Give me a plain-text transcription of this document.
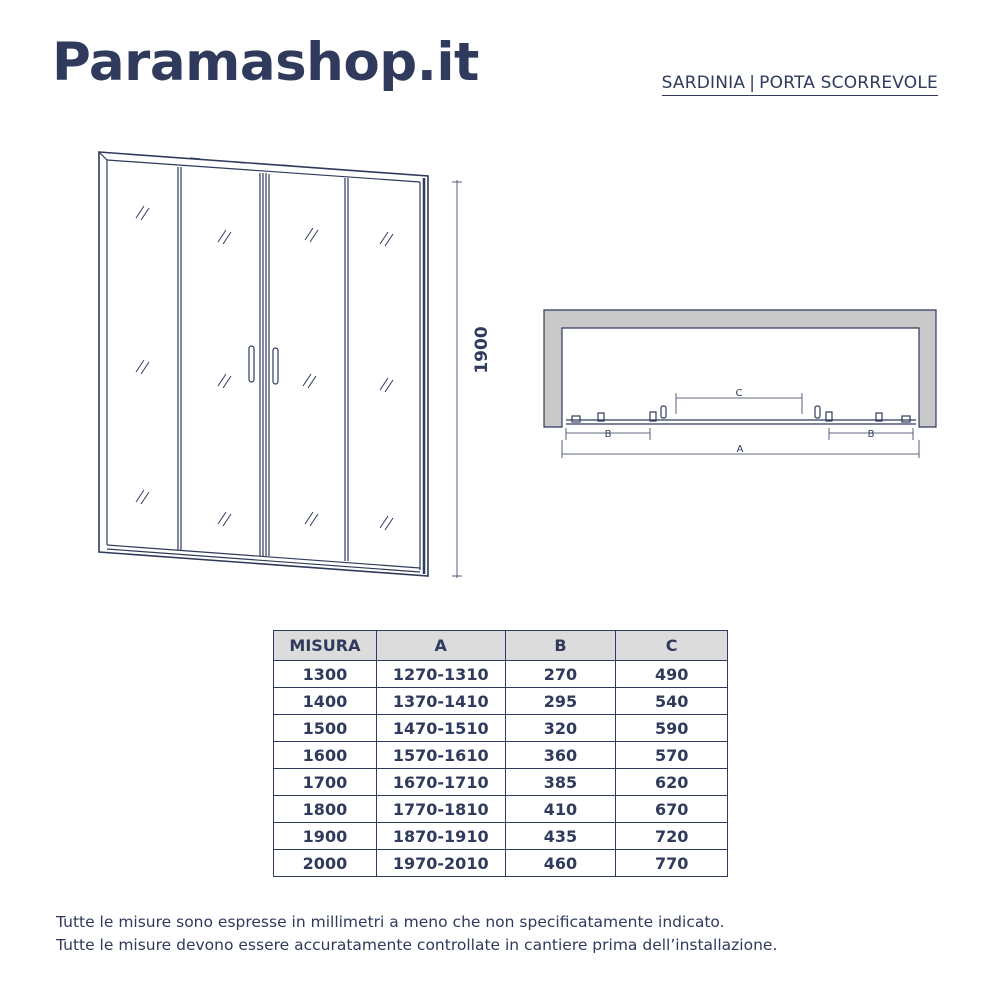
Paramashop.it	SARDINIA | PORTA SCORREVOLE
1900
C
B	B
A
MISURA	A	B	C
1300	1270-1310	270	490
1400	1370-1410	295	540
1500	1470-1510	320	590
1600	1570-1610	360	570
1700	1670-1710	385	620
1800	1770-1810	410	670
1900	1870-1910	435	720
2000	1970-2010	460	770
Tutte le misure sono espresse in millimetri a meno che non specificatamente indicato.
Tutte le misure devono essere accuratamente controllate in cantiere prima dell’installazione.
